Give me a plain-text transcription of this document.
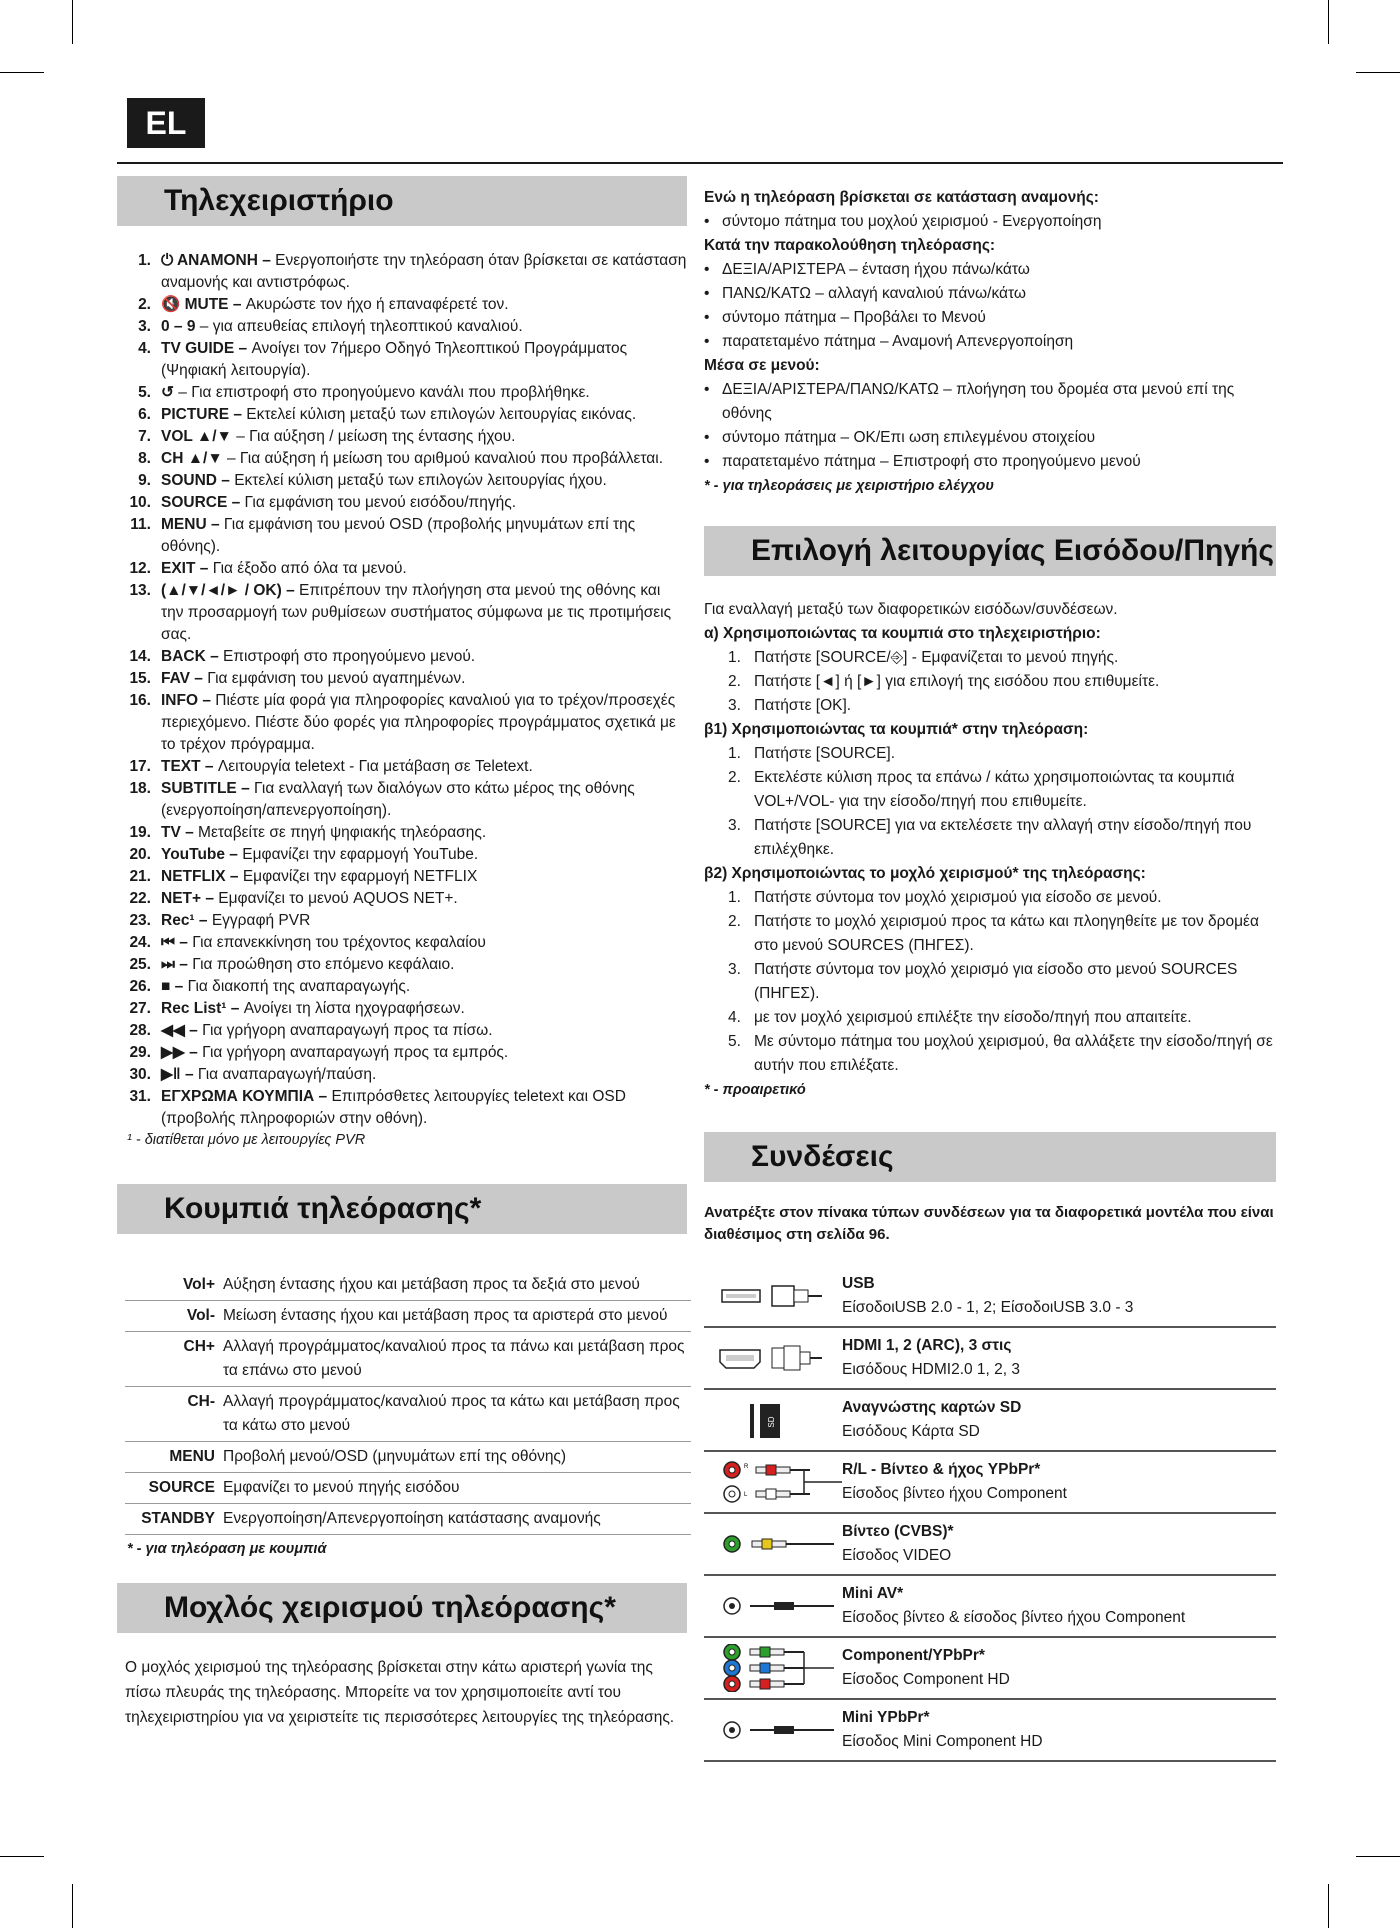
EL
Τηλεχειριστήριο
1. ⏻ ΑΝΑΜΟΝΗ – Ενεργοποιήστε την τηλεόραση όταν βρίσκεται σε κατάσταση αναμονής και αντιστρόφως.
2. 🔇 MUTE – Ακυρώστε τον ήχο ή επαναφέρετέ τον.
3. 0 – 9 – για απευθείας επιλογή τηλεοπτικού καναλιού.
4. TV GUIDE – Ανοίγει τον 7ήμερο Οδηγό Τηλεοπτικού Προγράμματος (Ψηφιακή λειτουργία).
5. ↺ – Για επιστροφή στο προηγούμενο κανάλι που προβλήθηκε.
6. PICTURE – Εκτελεί κύλιση μεταξύ των επιλογών λειτουργίας εικόνας.
7. VOL ▲/▼ – Για αύξηση / μείωση της έντασης ήχου.
8. CH ▲/▼ – Για αύξηση ή μείωση του αριθμού καναλιού που προβάλλεται.
9. SOUND – Εκτελεί κύλιση μεταξύ των επιλογών λειτουργίας ήχου.
10. SOURCE – Για εμφάνιση του μενού εισόδου/πηγής.
11. MENU – Για εμφάνιση του μενού OSD (προβολής μηνυμάτων επί της οθόνης).
12. EXIT – Για έξοδο από όλα τα μενού.
13. (▲/▼/◄/► / OK) – Επιτρέπουν την πλοήγηση στα μενού της οθόνης και την προσαρμογή των ρυθμίσεων συστήματος σύμφωνα με τις προτιμήσεις σας.
14. BACK – Επιστροφή στο προηγούμενο μενού.
15. FAV – Για εμφάνιση του μενού αγαπημένων.
16. INFO – Πιέστε μία φορά για πληροφορίες καναλιού για το τρέχον/προσεχές περιεχόμενο. Πιέστε δύο φορές για πληροφορίες προγράμματος σχετικά με το τρέχον πρόγραμμα.
17. TEXT – Λειτουργία teletext - Για μετάβαση σε Teletext.
18. SUBTITLE – Για εναλλαγή των διαλόγων στο κάτω μέρος της οθόνης (ενεργοποίηση/απενεργοποίηση).
19. TV – Μεταβείτε σε πηγή ψηφιακής τηλεόρασης.
20. YouTube – Εμφανίζει την εφαρμογή YouTube.
21. NETFLIX – Εμφανίζει την εφαρμογή NETFLIX
22. NET+ – Εμφανίζει το μενού AQUOS NET+.
23. Rec¹ – Εγγραφή PVR
24. ⏮ – Για επανεκκίνηση του τρέχοντος κεφαλαίου
25. ⏭ – Για προώθηση στο επόμενο κεφάλαιο.
26. ■ – Για διακοπή της αναπαραγωγής.
27. Rec List¹ – Ανοίγει τη λίστα ηχογραφήσεων.
28. ◀◀ – Για γρήγορη αναπαραγωγή προς τα πίσω.
29. ▶▶ – Για γρήγορη αναπαραγωγή προς τα εμπρός.
30. ▶‖ – Για αναπαραγωγή/παύση.
31. ΕΓΧΡΩΜΑ ΚΟΥΜΠΙΑ – Επιπρόσθετες λειτουργίες teletext και OSD (προβολής πληροφοριών στην οθόνη).
¹ - διατίθεται μόνο με λειτουργίες PVR
Κουμπιά τηλεόρασης*
Vol+	Αύξηση έντασης ήχου και μετάβαση προς τα δεξιά στο μενού
Vol-	Μείωση έντασης ήχου και μετάβαση προς τα αριστερά στο μενού
CH+	Αλλαγή προγράμματος/καναλιού προς τα πάνω και μετάβαση προς τα επάνω στο μενού
CH-	Αλλαγή προγράμματος/καναλιού προς τα κάτω και μετάβαση προς τα κάτω στο μενού
MENU	Προβολή μενού/OSD (μηνυμάτων επί της οθόνης)
SOURCE	Εμφανίζει το μενού πηγής εισόδου
STANDBY	Ενεργοποίηση/Απενεργοποίηση κατάστασης αναμονής
* - για τηλεόραση με κουμπιά
Μοχλός χειρισμού τηλεόρασης*
Ο μοχλός χειρισμού της τηλεόρασης βρίσκεται στην κάτω αριστερή γωνία της πίσω πλευράς της τηλεόρασης. Μπορείτε να τον χρησιμοποιείτε αντί του τηλεχειριστηρίου για να χειριστείτε τις περισσότερες λειτουργίες της τηλεόρασης.
Ενώ η τηλεόραση βρίσκεται σε κατάσταση αναμονής:
• σύντομο πάτημα του μοχλού χειρισμού - Ενεργοποίηση
Κατά την παρακολούθηση τηλεόρασης:
• ΔΕΞΙΑ/ΑΡΙΣΤΕΡΑ – ένταση ήχου πάνω/κάτω
• ΠΑΝΩ/ΚΑΤΩ – αλλαγή καναλιού πάνω/κάτω
• σύντομο πάτημα – Προβάλει το Μενού
• παρατεταμένο πάτημα – Αναμονή Απενεργοποίηση
Μέσα σε μενού:
• ΔΕΞΙΑ/ΑΡΙΣΤΕΡΑ/ΠΑΝΩ/ΚΑΤΩ – πλοήγηση του δρομέα στα μενού επί της οθόνης
• σύντομο πάτημα – ΟΚ/Επι ωση επιλεγμένου στοιχείου
• παρατεταμένο πάτημα – Επιστροφή στο προηγούμενο μενού
* - για τηλεοράσεις με χειριστήριο ελέγχου
Επιλογή λειτουργίας Εισόδου/Πηγής
Για εναλλαγή μεταξύ των διαφορετικών εισόδων/συνδέσεων.
α) Χρησιμοποιώντας τα κουμπιά στο τηλεχειριστήριο:
1. Πατήστε [SOURCE/⎆] - Εμφανίζεται το μενού πηγής.
2. Πατήστε [◄] ή [►] για επιλογή της εισόδου που επιθυμείτε.
3. Πατήστε [OK].
β1) Χρησιμοποιώντας τα κουμπιά* στην τηλεόραση:
1. Πατήστε [SOURCE].
2. Εκτελέστε κύλιση προς τα επάνω / κάτω χρησιμοποιώντας τα κουμπιά VOL+/VOL- για την είσοδο/πηγή που επιθυμείτε.
3. Πατήστε [SOURCE] για να εκτελέσετε την αλλαγή στην είσοδο/πηγή που επιλέχθηκε.
β2) Χρησιμοποιώντας το μοχλό χειρισμού* της τηλεόρασης:
1. Πατήστε σύντομα τον μοχλό χειρισμού για είσοδο σε μενού.
2. Πατήστε το μοχλό χειρισμού προς τα κάτω και πλοηγηθείτε με τον δρομέα στο μενού SOURCES (ΠΗΓΕΣ).
3. Πατήστε σύντομα τον μοχλό χειρισμό για είσοδο στο μενού SOURCES (ΠΗΓΕΣ).
4. με τον μοχλό χειρισμού επιλέξτε την είσοδο/πηγή που απαιτείτε.
5. Με σύντομο πάτημα του μοχλού χειρισμού, θα αλλάξετε την είσοδο/πηγή σε αυτήν που επιλέξατε.
* - προαιρετικό
Συνδέσεις
Ανατρέξτε στον πίνακα τύπων συνδέσεων για τα διαφορετικά μοντέλα που είναι διαθέσιμος στη σελίδα 96.
USB
ΕίσοδοιUSB 2.0 - 1, 2; ΕίσοδοιUSB 3.0 - 3
HDMI 1, 2 (ARC), 3 στις
Εισόδους HDMI2.0 1, 2, 3
SD
Αναγνώστης καρτών SD
Εισόδους Κάρτα SD
R
L
R/L - Βίντεο & ήχος YPbPr*
Είσοδος βίντεο ήχου Component
Βίντεο (CVBS)*
Είσοδος VIDEO
Mini AV*
Είσοδος βίντεο & είσοδος βίντεο ήχου Component
Component/YPbPr*
Είσοδος Component HD
Mini YPbPr*
Είσοδος Mini Component HD
